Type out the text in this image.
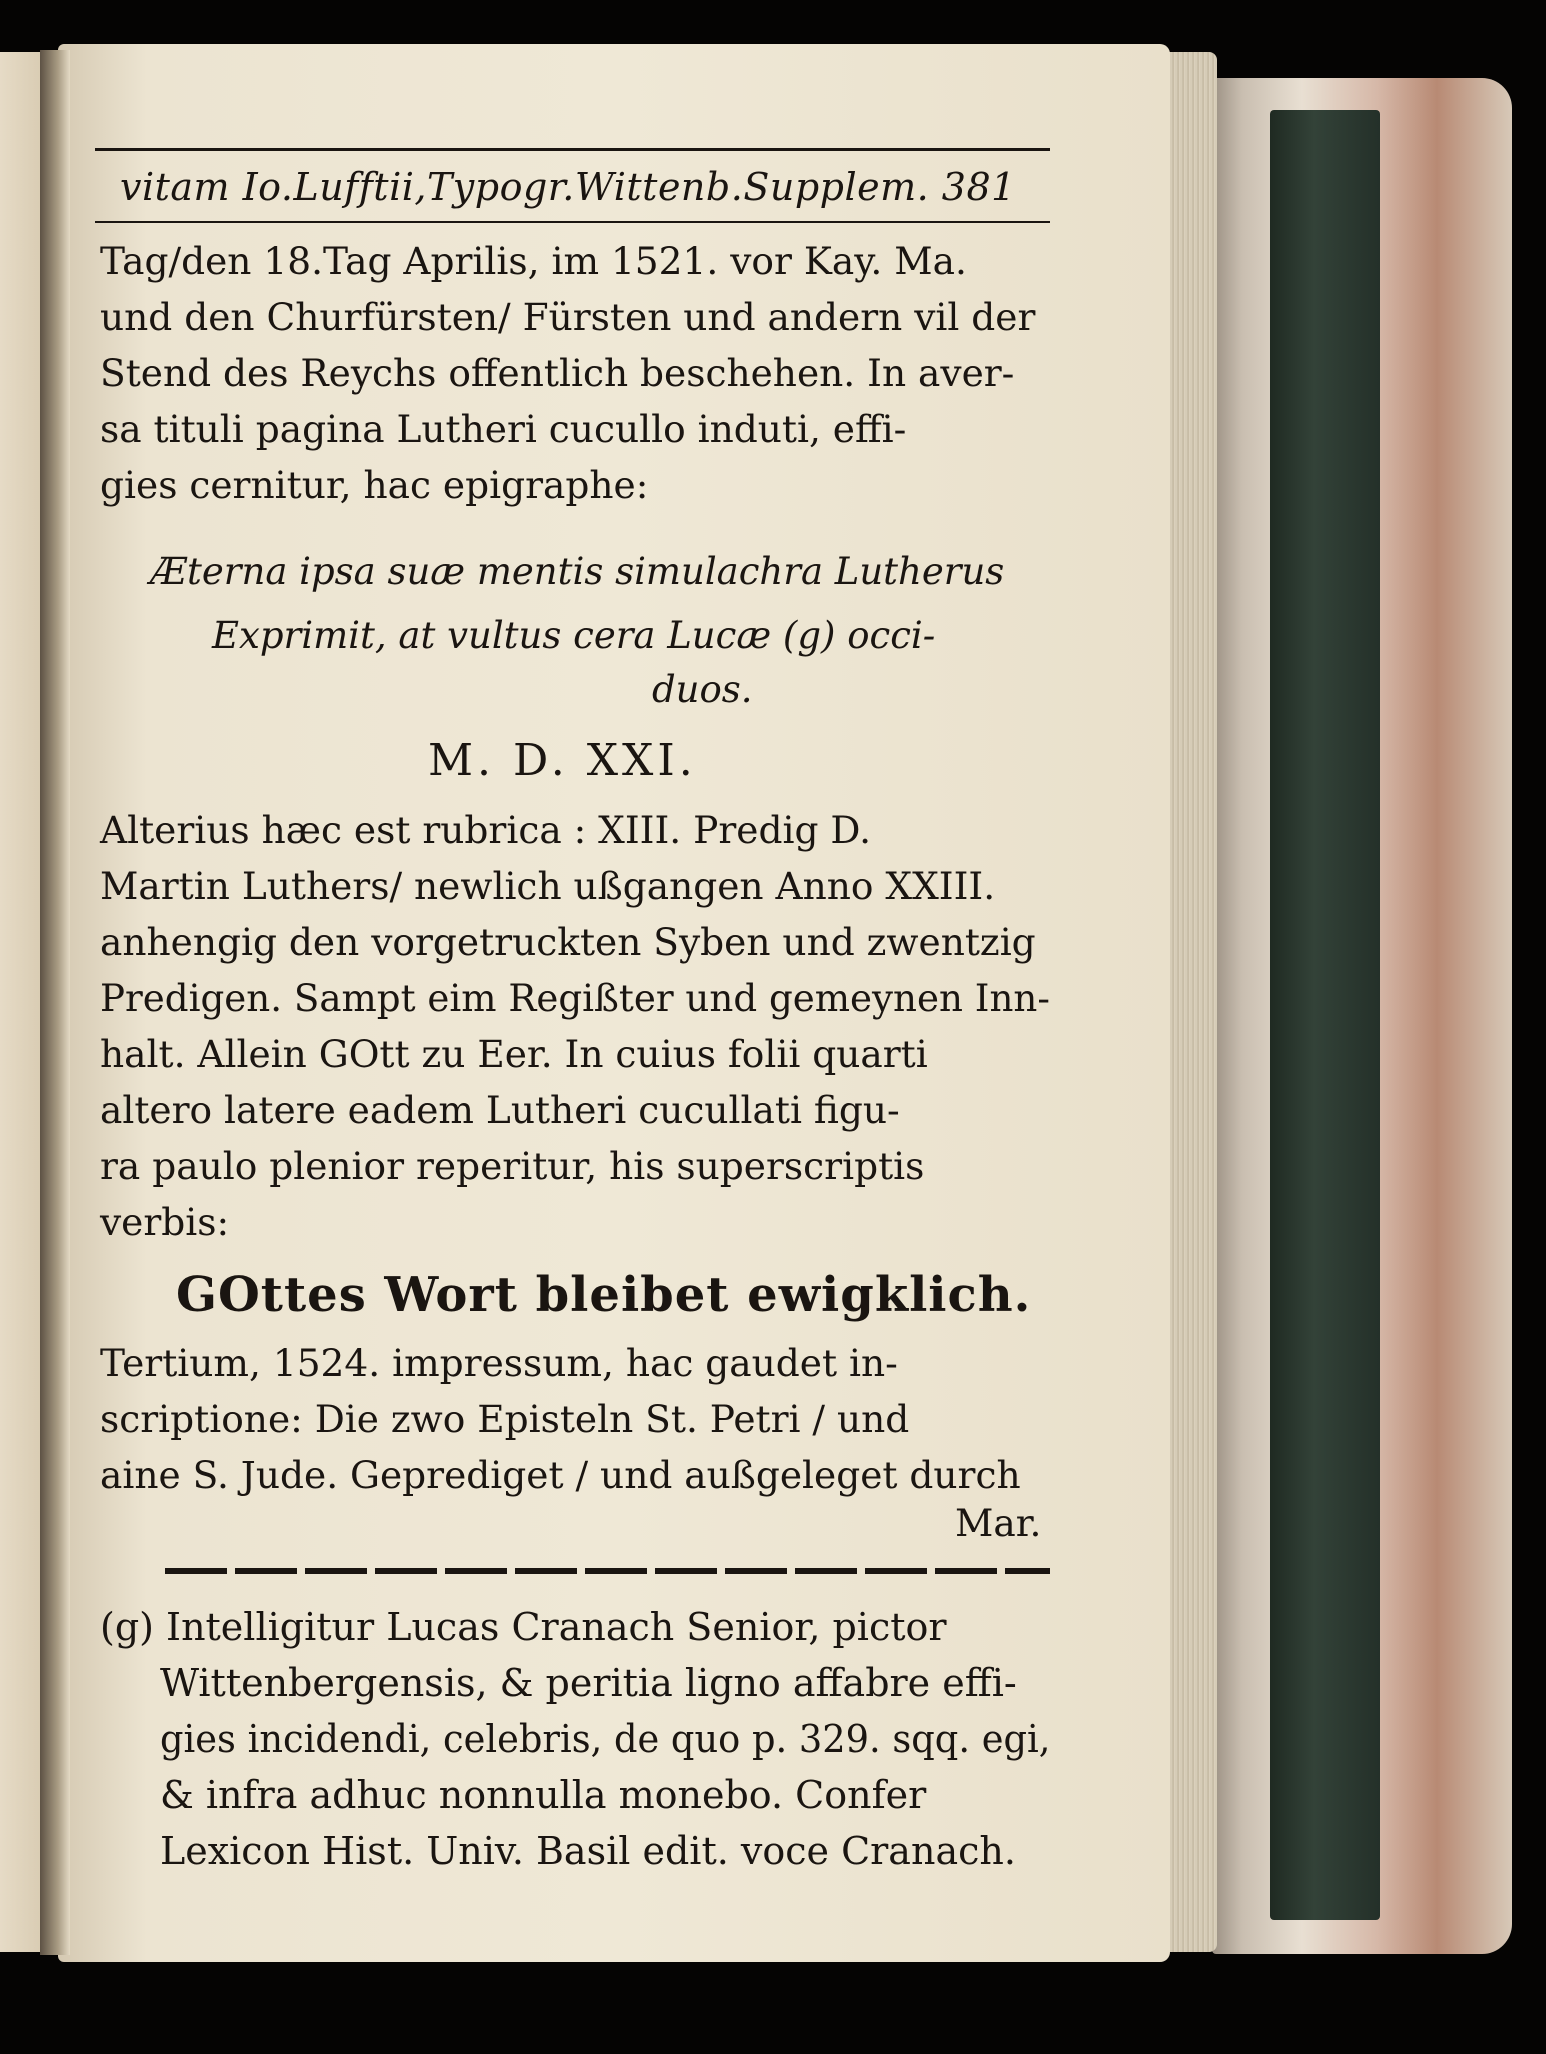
vitam Io.Lufftii,Typogr.Wittenb.Supplem. 381
Tag/den 18.Tag Aprilis, im 1521. vor Kay. Ma.
und den Churfürsten/ Fürsten und andern vil der
Stend des Reychs offentlich beschehen. In aver-
sa tituli pagina Lutheri cucullo induti, effi-
gies cernitur, hac epigraphe:
Æterna ipsa suæ mentis simulachra Lutherus
Exprimit, at vultus cera Lucæ (g) occi-
duos.
M. D. XXI.
Alterius hæc est rubrica : XIII. Predig D.
Martin Luthers/ newlich ußgangen Anno XXIII.
anhengig den vorgetruckten Syben und zwentzig
Predigen. Sampt eim Regißter und gemeynen Inn-
halt. Allein GOtt zu Eer. In cuius folii quarti
altero latere eadem Lutheri cucullati figu-
ra paulo plenior reperitur, his superscriptis
verbis:
GOttes Wort bleibet ewigklich.
Tertium, 1524. impressum, hac gaudet in-
scriptione: Die zwo Episteln St. Petri / und
aine S. Jude. Geprediget / und außgeleget durch
Mar.
(g) Intelligitur Lucas Cranach Senior, pictor
Wittenbergensis, & peritia ligno affabre effi-
gies incidendi, celebris, de quo p. 329. sqq. egi,
& infra adhuc nonnulla monebo. Confer
Lexicon Hist. Univ. Basil edit. voce Cranach.
